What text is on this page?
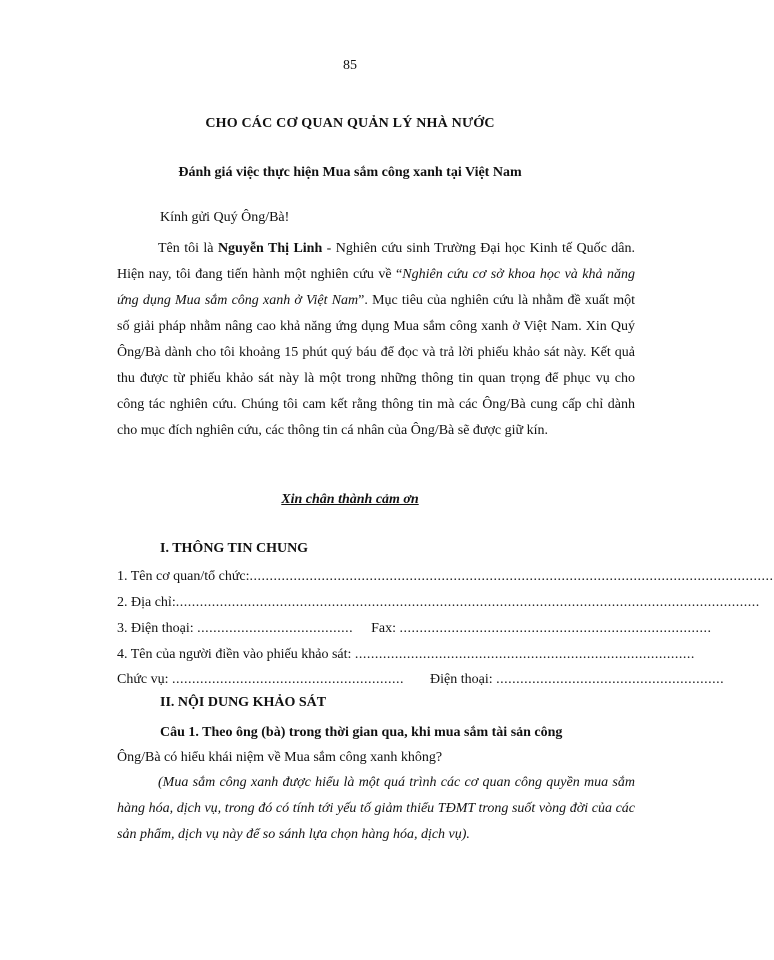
85
CHO CÁC CƠ QUAN QUẢN LÝ NHÀ NƯỚC
Đánh giá việc thực hiện Mua sắm công xanh tại Việt Nam
Kính gửi Quý Ông/Bà!

Tên tôi là Nguyễn Thị Linh - Nghiên cứu sinh Trường Đại học Kinh tế Quốc dân. Hiện nay, tôi đang tiến hành một nghiên cứu về “Nghiên cứu cơ sở khoa học và khả năng ứng dụng Mua sắm công xanh ở Việt Nam”. Mục tiêu của nghiên cứu là nhằm đề xuất một số giải pháp nhằm nâng cao khả năng ứng dụng Mua sắm công xanh ở Việt Nam. Xin Quý Ông/Bà dành cho tôi khoảng 15 phút quý báu để đọc và trả lời phiếu khảo sát này. Kết quả thu được từ phiếu khảo sát này là một trong những thông tin quan trọng để phục vụ cho công tác nghiên cứu. Chúng tôi cam kết rằng thông tin mà các Ông/Bà cung cấp chỉ dành cho mục đích nghiên cứu, các thông tin cá nhân của Ông/Bà sẽ được giữ kín.

Xin chân thành cảm ơn
I. THÔNG TIN CHUNG
1. Tên cơ quan/tổ chức:...................................................................................................................................
2. Địa chỉ:..................................................................................................................................................
3. Điện thoại: ....................................... Fax: ..............................................................................
4. Tên của người điền vào phiếu khảo sát: .....................................................................................
Chức vụ: .......................................................... Điện thoại: .........................................................
II. NỘI DUNG KHẢO SÁT

Câu 1. Theo ông (bà) trong thời gian qua, khi mua sắm tài sản công
Ông/Bà có hiểu khái niệm về Mua sắm công xanh không?

(Mua sắm công xanh được hiểu là một quá trình các cơ quan công quyền mua sắm hàng hóa, dịch vụ, trong đó có tính tới yếu tố giảm thiểu TĐMT trong suốt vòng đời của các sản phẩm, dịch vụ này để so sánh lựa chọn hàng hóa, dịch vụ).
